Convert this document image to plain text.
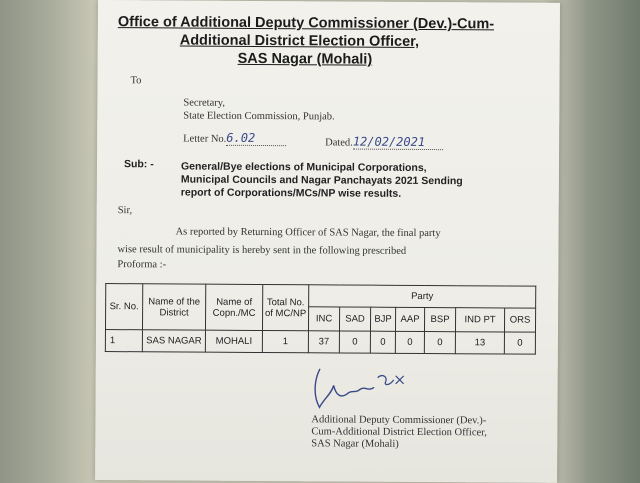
Office of Additional Deputy Commissioner (Dev.)-Cum-
Additional District Election Officer,
SAS Nagar (Mohali)
To
Secretary,
State Election Commission, Punjab.
Letter No.6.02	Dated.12/02/2021
Sub: -	General/Bye elections of Municipal Corporations,
Municipal Councils and Nagar Panchayats 2021 Sending
report of Corporations/MCs/NP wise results.
Sir,
As reported by Returning Officer of SAS Nagar, the final party
wise result of municipality is hereby sent in the following prescribed
Proforma :-
Sr. No.	Name of the District	Name of Copn./MC	Total No. of MC/NP	Party						
				INC	SAD	BJP	AAP	BSP	IND PT	ORS
1	SAS NAGAR	MOHALI	1	37	0	0	0	0	13	0
Additional Deputy Commissioner (Dev.)-
Cum-Additional District Election Officer,
SAS Nagar (Mohali)
